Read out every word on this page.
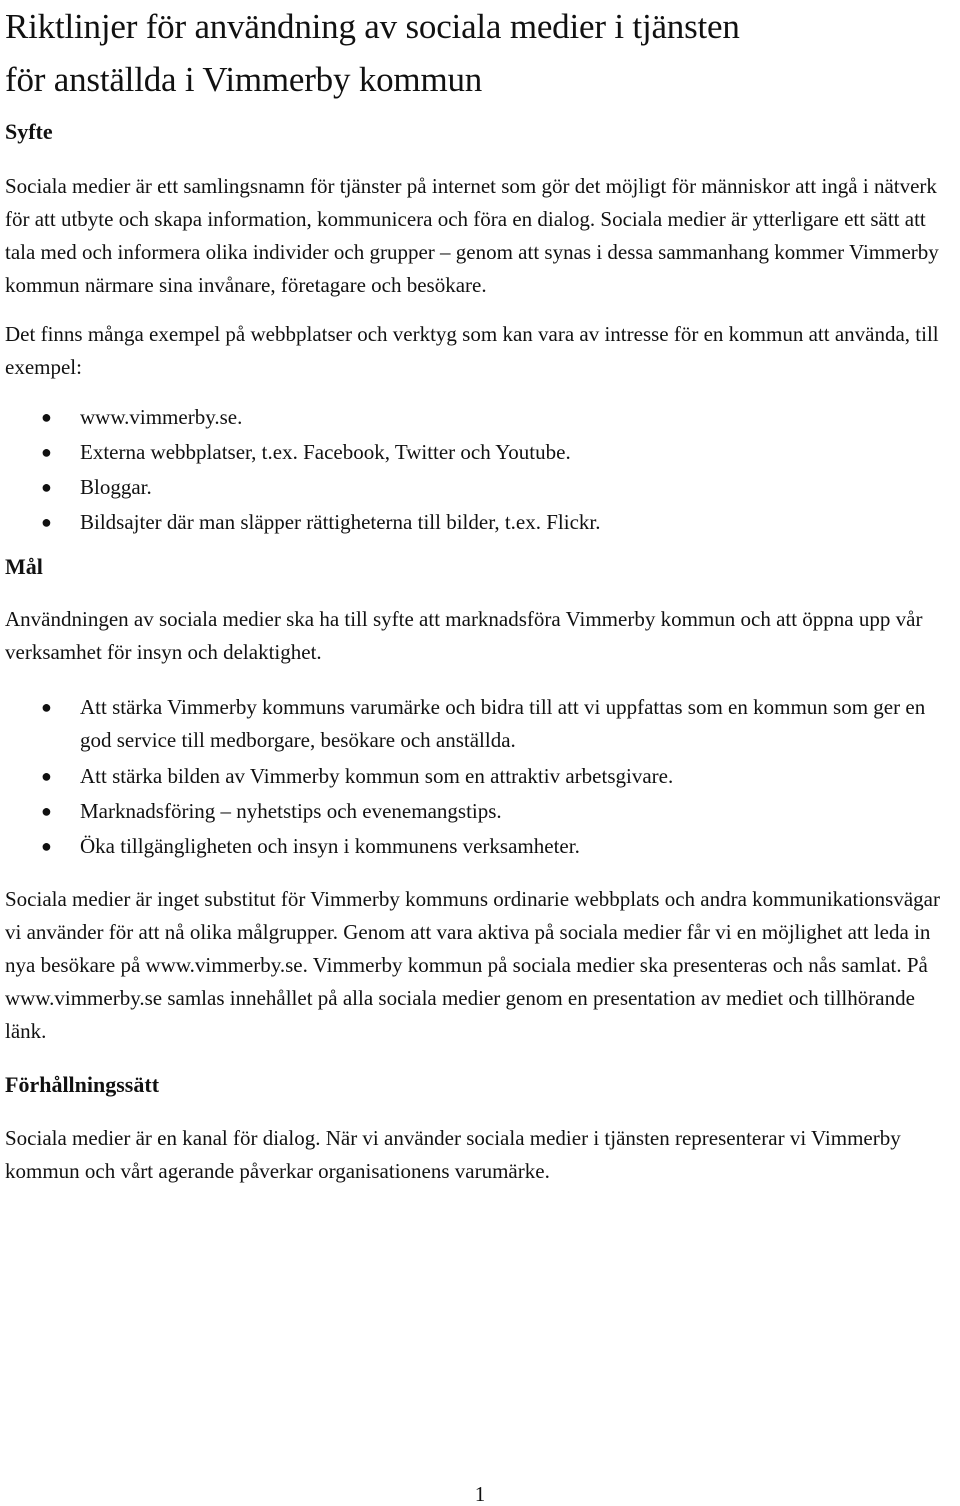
Riktlinjer för användning av sociala medier i tjänsten
för anställda i Vimmerby kommun
Syfte

Sociala medier är ett samlingsnamn för tjänster på internet som gör det möjligt för människor att ingå i nätverk för att utbyte och skapa information, kommunicera och föra en dialog. Sociala medier är ytterligare ett sätt att tala med och informera olika individer och grupper – genom att synas i dessa sammanhang kommer Vimmerby kommun närmare sina invånare, företagare och besökare.

Det finns många exempel på webbplatser och verktyg som kan vara av intresse för en kommun att använda, till exempel:

● www.vimmerby.se.
● Externa webbplatser, t.ex. Facebook, Twitter och Youtube.
● Bloggar.
● Bildsajter där man släpper rättigheterna till bilder, t.ex. Flickr.
Mål

Användningen av sociala medier ska ha till syfte att marknadsföra Vimmerby kommun och att öppna upp vår verksamhet för insyn och delaktighet.

● Att stärka Vimmerby kommuns varumärke och bidra till att vi uppfattas som en kommun som ger en god service till medborgare, besökare och anställda.
● Att stärka bilden av Vimmerby kommun som en attraktiv arbetsgivare.
● Marknadsföring – nyhetstips och evenemangstips.
● Öka tillgängligheten och insyn i kommunens verksamheter.

Sociala medier är inget substitut för Vimmerby kommuns ordinarie webbplats och andra kommunikationsvägar vi använder för att nå olika målgrupper. Genom att vara aktiva på sociala medier får vi en möjlighet att leda in nya besökare på www.vimmerby.se. Vimmerby kommun på sociala medier ska presenteras och nås samlat. På www.vimmerby.se samlas innehållet på alla sociala medier genom en presentation av mediet och tillhörande länk.

Förhållningssätt

Sociala medier är en kanal för dialog. När vi använder sociala medier i tjänsten representerar vi Vimmerby kommun och vårt agerande påverkar organisationens varumärke.

1
